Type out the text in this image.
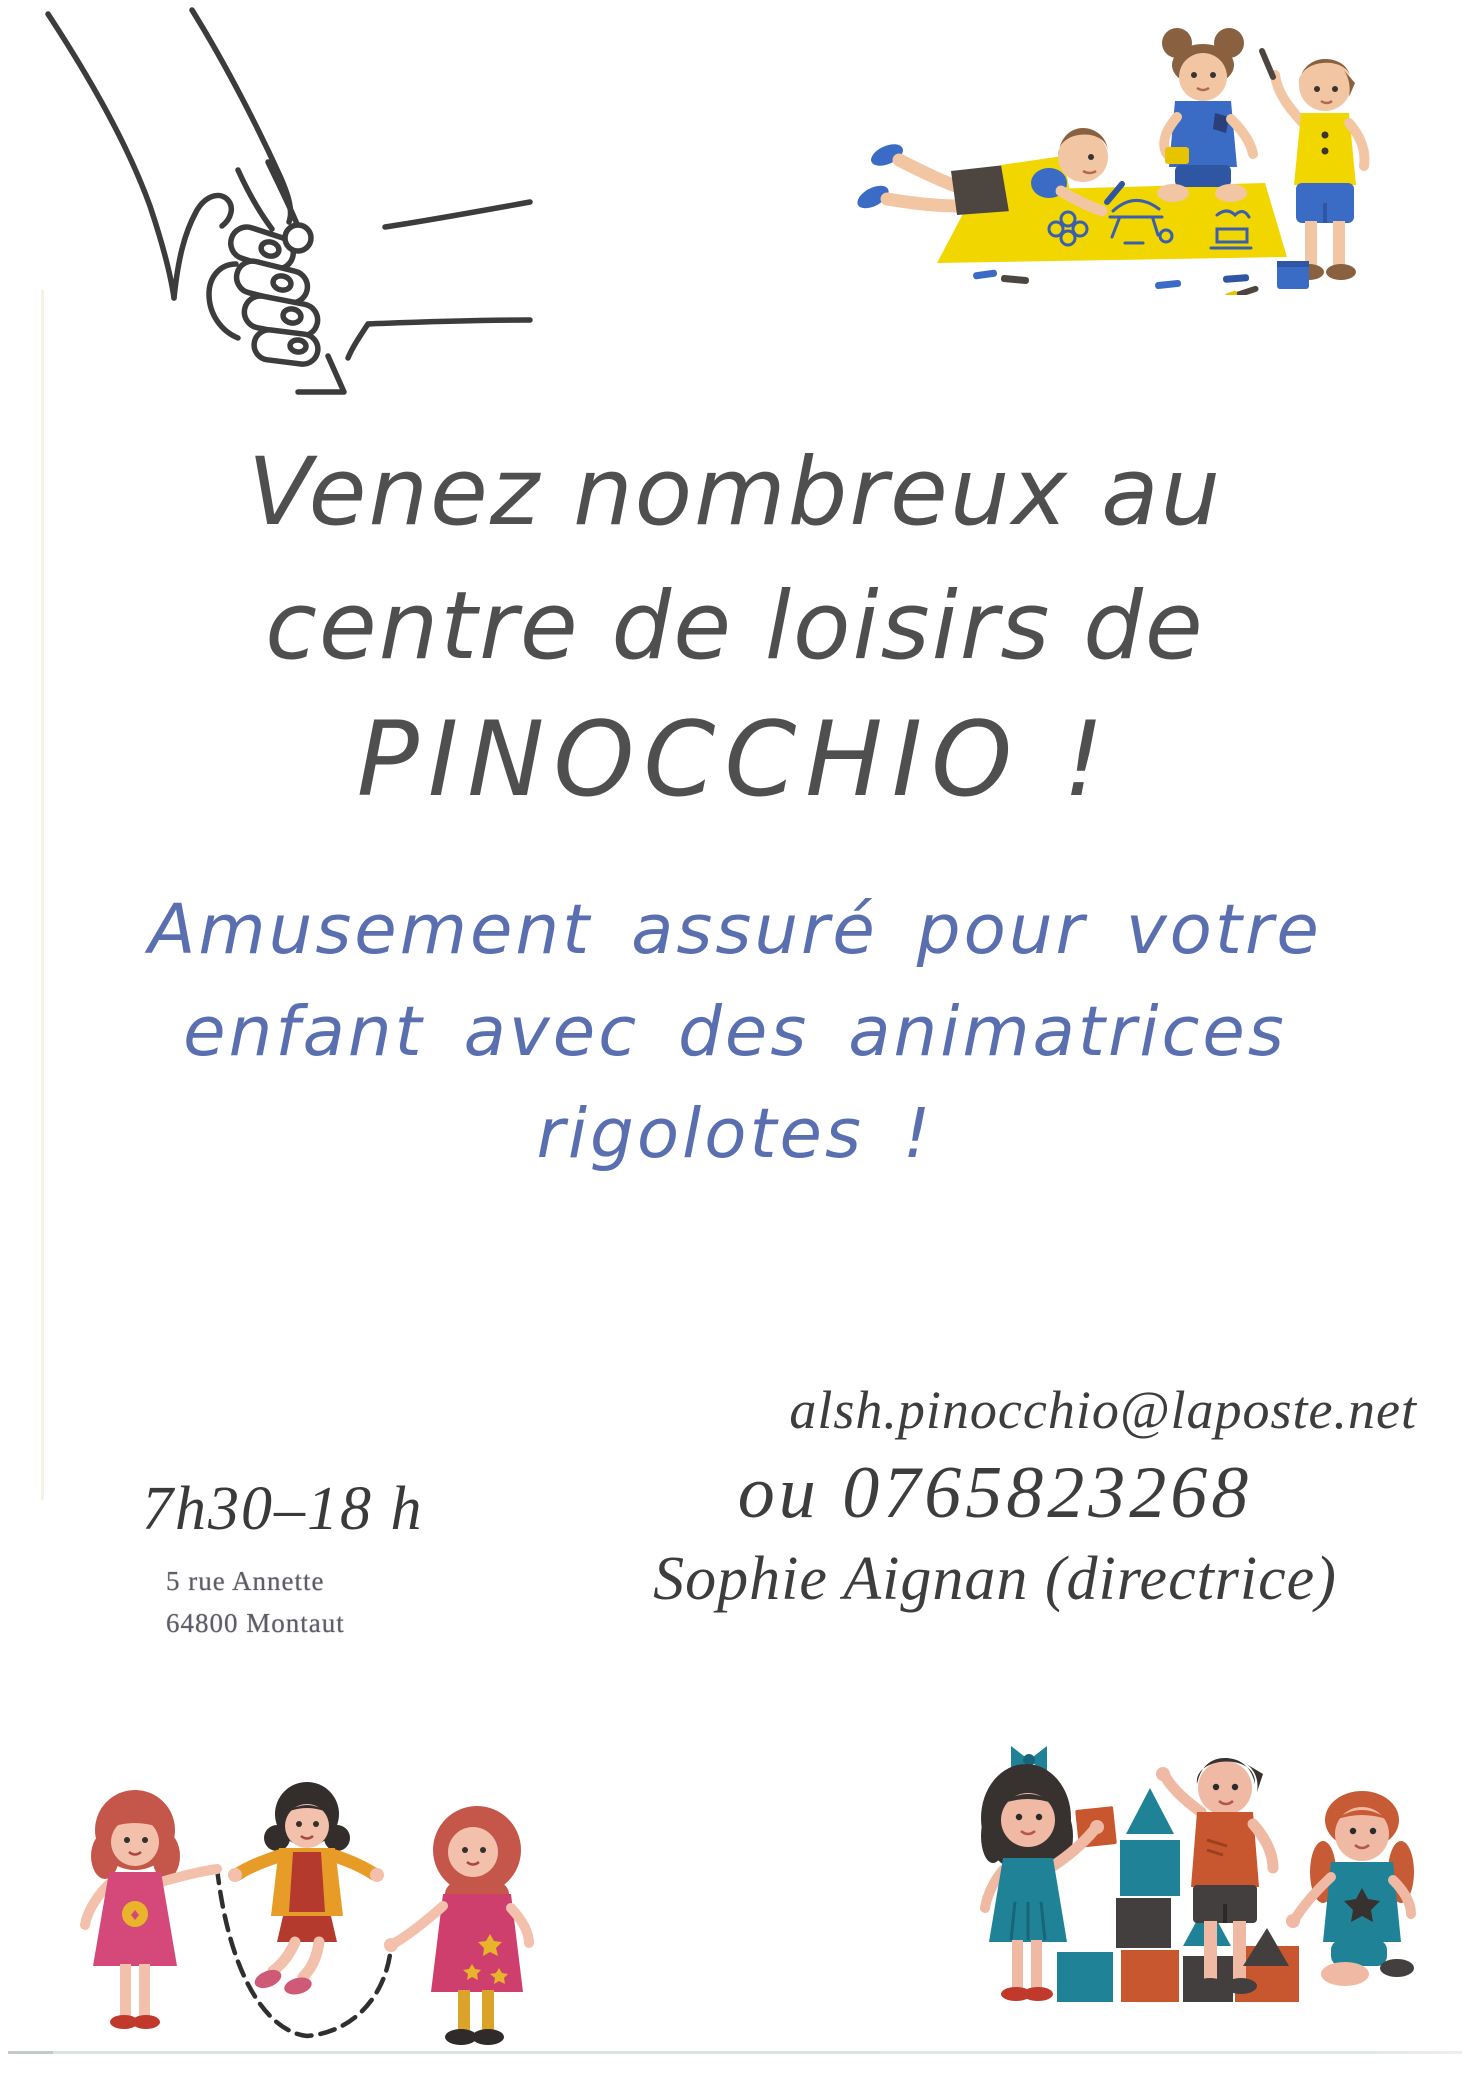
Venez nombreux au
centre de loisirs de
PINOCCHIO !
Amusement assuré pour votre
enfant avec des animatrices
rigolotes !
alsh.pinocchio@laposte.net
ou 0765823268
Sophie Aignan (directrice)
7h30–18 h
5 rue Annette
64800 Montaut
